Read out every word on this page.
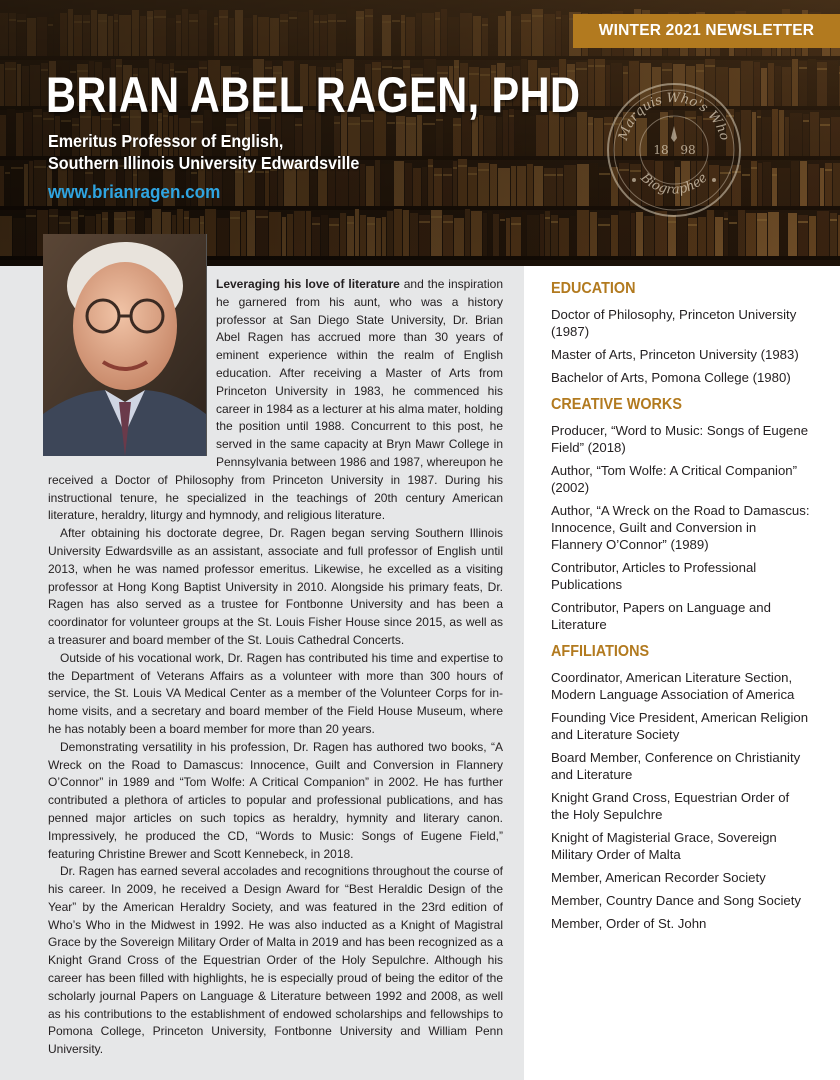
WINTER 2021 NEWSLETTER
BRIAN ABEL RAGEN, PHD
Emeritus Professor of English,
Southern Illinois University Edwardsville
www.brianragen.com
Marquis Who's Who
Biographee
18 98

Leveraging his love of literature and the inspiration he garnered from his aunt, who was a history professor at San Diego State University, Dr. Brian Abel Ragen has accrued more than 30 years of eminent experience within the realm of English education. After receiving a Master of Arts from Princeton University in 1983, he commenced his career in 1984 as a lecturer at his alma mater, holding the position until 1988. Concurrent to this post, he served in the same capacity at Bryn Mawr College in Pennsylvania between 1986 and 1987, whereupon he received a Doctor of Philosophy from Princeton University in 1987. During his instructional tenure, he specialized in the teachings of 20th century American literature, heraldry, liturgy and hymnody, and religious literature.

After obtaining his doctorate degree, Dr. Ragen began serving Southern Illinois University Edwardsville as an assistant, associate and full professor of English until 2013, when he was named professor emeritus. Likewise, he excelled as a visiting professor at Hong Kong Baptist University in 2010. Alongside his primary feats, Dr. Ragen has also served as a trustee for Fontbonne University and has been a coordinator for volunteer groups at the St. Louis Fisher House since 2015, as well as a treasurer and board member of the St. Louis Cathedral Concerts.

Outside of his vocational work, Dr. Ragen has contributed his time and expertise to the Department of Veterans Affairs as a volunteer with more than 300 hours of service, the St. Louis VA Medical Center as a member of the Volunteer Corps for in-home visits, and a secretary and board member of the Field House Museum, where he has notably been a board member for more than 20 years.

Demonstrating versatility in his profession, Dr. Ragen has authored two books, “A Wreck on the Road to Damascus: Innocence, Guilt and Conversion in Flannery O’Connor” in 1989 and “Tom Wolfe: A Critical Companion” in 2002. He has further contributed a plethora of articles to popular and professional publications, and has penned major articles on such topics as heraldry, hymnity and literary canon. Impressively, he produced the CD, “Words to Music: Songs of Eugene Field,” featuring Christine Brewer and Scott Kennebeck, in 2018.

Dr. Ragen has earned several accolades and recognitions throughout the course of his career. In 2009, he received a Design Award for “Best Heraldic Design of the Year” by the American Heraldry Society, and was featured in the 23rd edition of Who’s Who in the Midwest in 1992. He was also inducted as a Knight of Magistral Grace by the Sovereign Military Order of Malta in 2019 and has been recognized as a Knight Grand Cross of the Equestrian Order of the Holy Sepulchre. Although his career has been filled with highlights, he is especially proud of being the editor of the scholarly journal Papers on Language & Literature between 1992 and 2008, as well as his contributions to the establishment of endowed scholarships and fellowships to Pomona College, Princeton University, Fontbonne University and William Penn University.

EDUCATION
Doctor of Philosophy, Princeton University (1987)
Master of Arts, Princeton University (1983)
Bachelor of Arts, Pomona College (1980)
CREATIVE WORKS
Producer, “Word to Music: Songs of Eugene Field” (2018)
Author, “Tom Wolfe: A Critical Companion” (2002)
Author, “A Wreck on the Road to Damascus: Innocence, Guilt and Conversion in Flannery O’Connor” (1989)
Contributor, Articles to Professional Publications
Contributor, Papers on Language and Literature
AFFILIATIONS
Coordinator, American Literature Section, Modern Language Association of America
Founding Vice President, American Religion and Literature Society
Board Member, Conference on Christianity and Literature
Knight Grand Cross, Equestrian Order of the Holy Sepulchre
Knight of Magisterial Grace, Sovereign Military Order of Malta
Member, American Recorder Society
Member, Country Dance and Song Society
Member, Order of St. John
